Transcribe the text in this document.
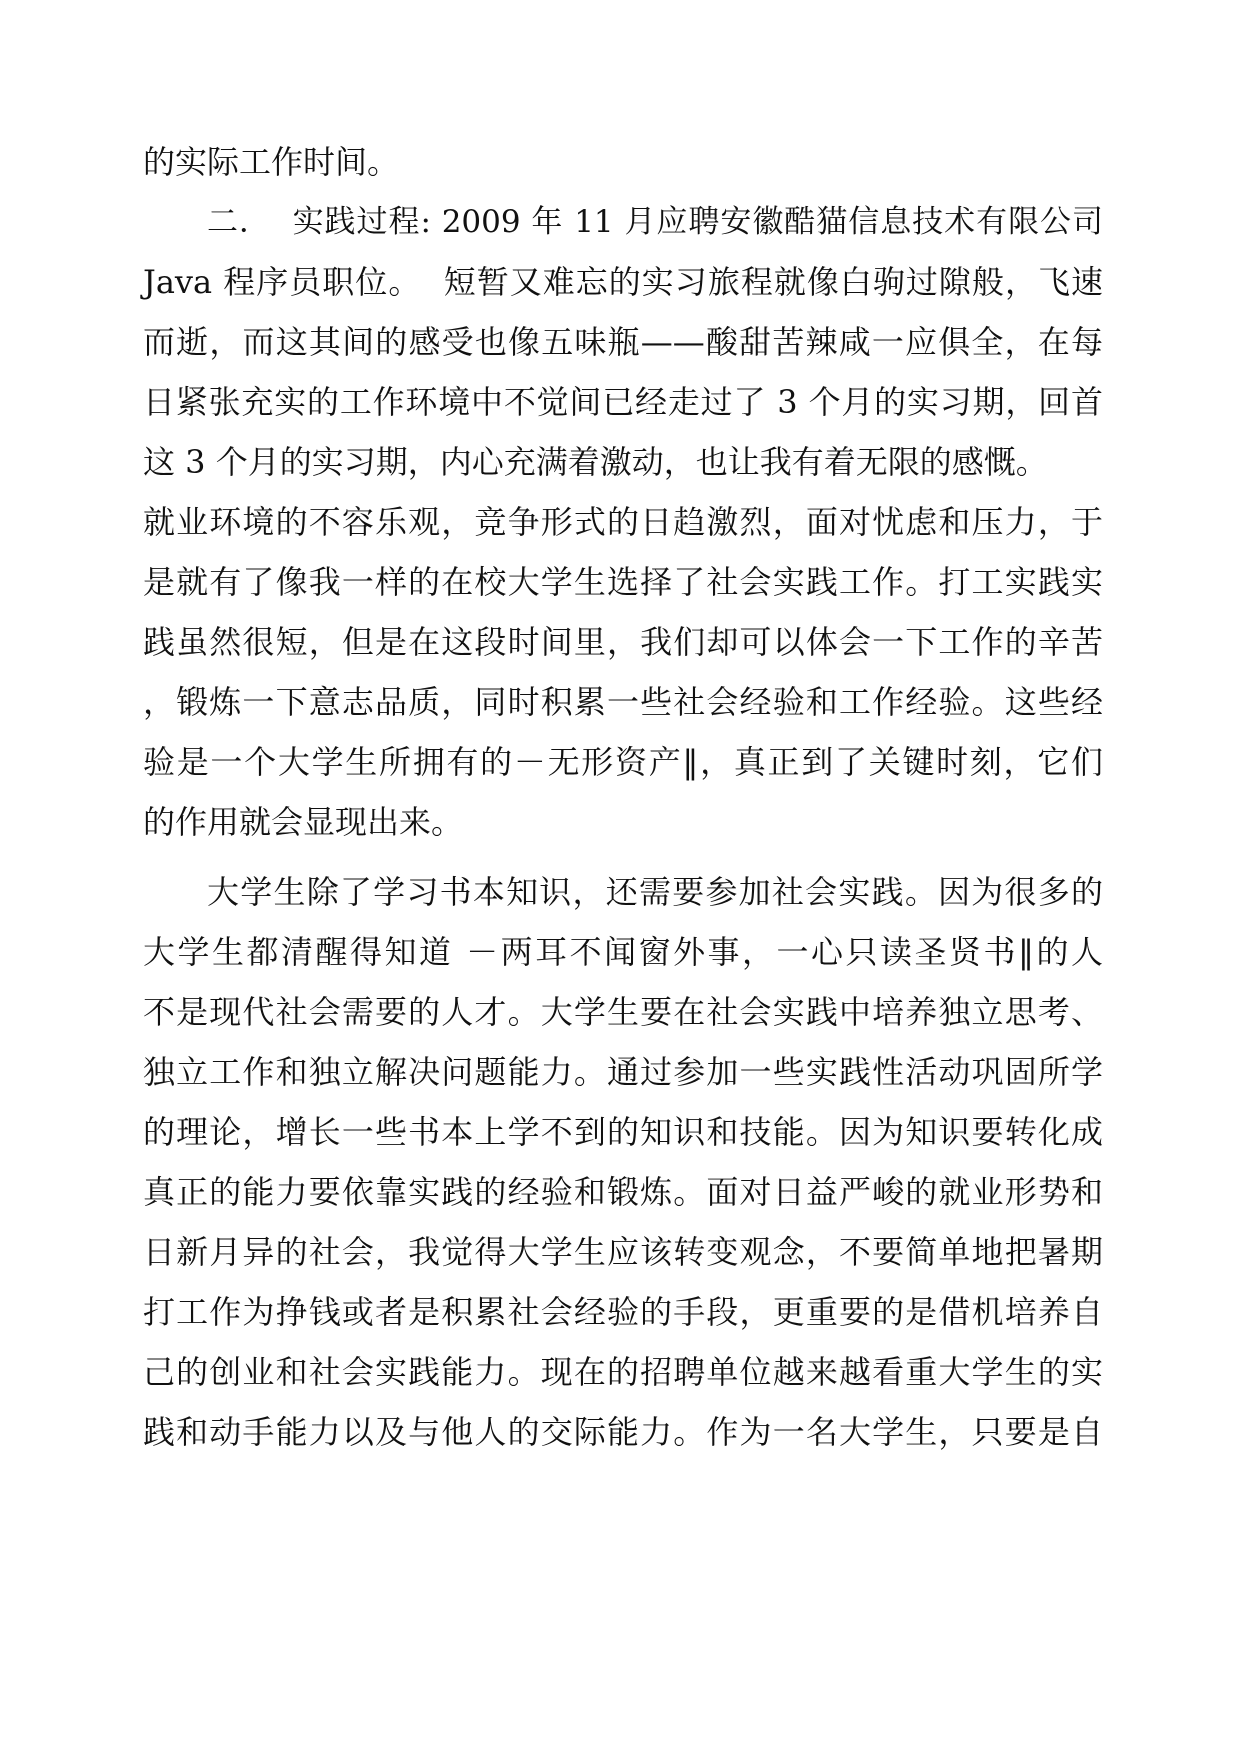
的实际工作时间。
二．  实践过程: 2009 年 11 月应聘安徽酷猫信息技术有限公司
Java 程序员职位。  短暂又难忘的实习旅程就像白驹过隙般，飞速
而逝，而这其间的感受也像五味瓶——酸甜苦辣咸一应俱全，在每
日紧张充实的工作环境中不觉间已经走过了 3 个月的实习期，回首
这 3 个月的实习期，内心充满着激动，也让我有着无限的感慨。
就业环境的不容乐观，竞争形式的日趋激烈，面对忧虑和压力，于
是就有了像我一样的在校大学生选择了社会实践工作。打工实践实
践虽然很短，但是在这段时间里，我们却可以体会一下工作的辛苦
，锻炼一下意志品质，同时积累一些社会经验和工作经验。这些经
验是一个大学生所拥有的－无形资产‖，真正到了关键时刻，它们
的作用就会显现出来。
大学生除了学习书本知识，还需要参加社会实践。因为很多的
大学生都清醒得知道 －两耳不闻窗外事，一心只读圣贤书‖的人
不是现代社会需要的人才。大学生要在社会实践中培养独立思考、
独立工作和独立解决问题能力。通过参加一些实践性活动巩固所学
的理论，增长一些书本上学不到的知识和技能。因为知识要转化成
真正的能力要依靠实践的经验和锻炼。面对日益严峻的就业形势和
日新月异的社会，我觉得大学生应该转变观念，不要简单地把暑期
打工作为挣钱或者是积累社会经验的手段，更重要的是借机培养自
己的创业和社会实践能力。现在的招聘单位越来越看重大学生的实
践和动手能力以及与他人的交际能力。作为一名大学生，只要是自
